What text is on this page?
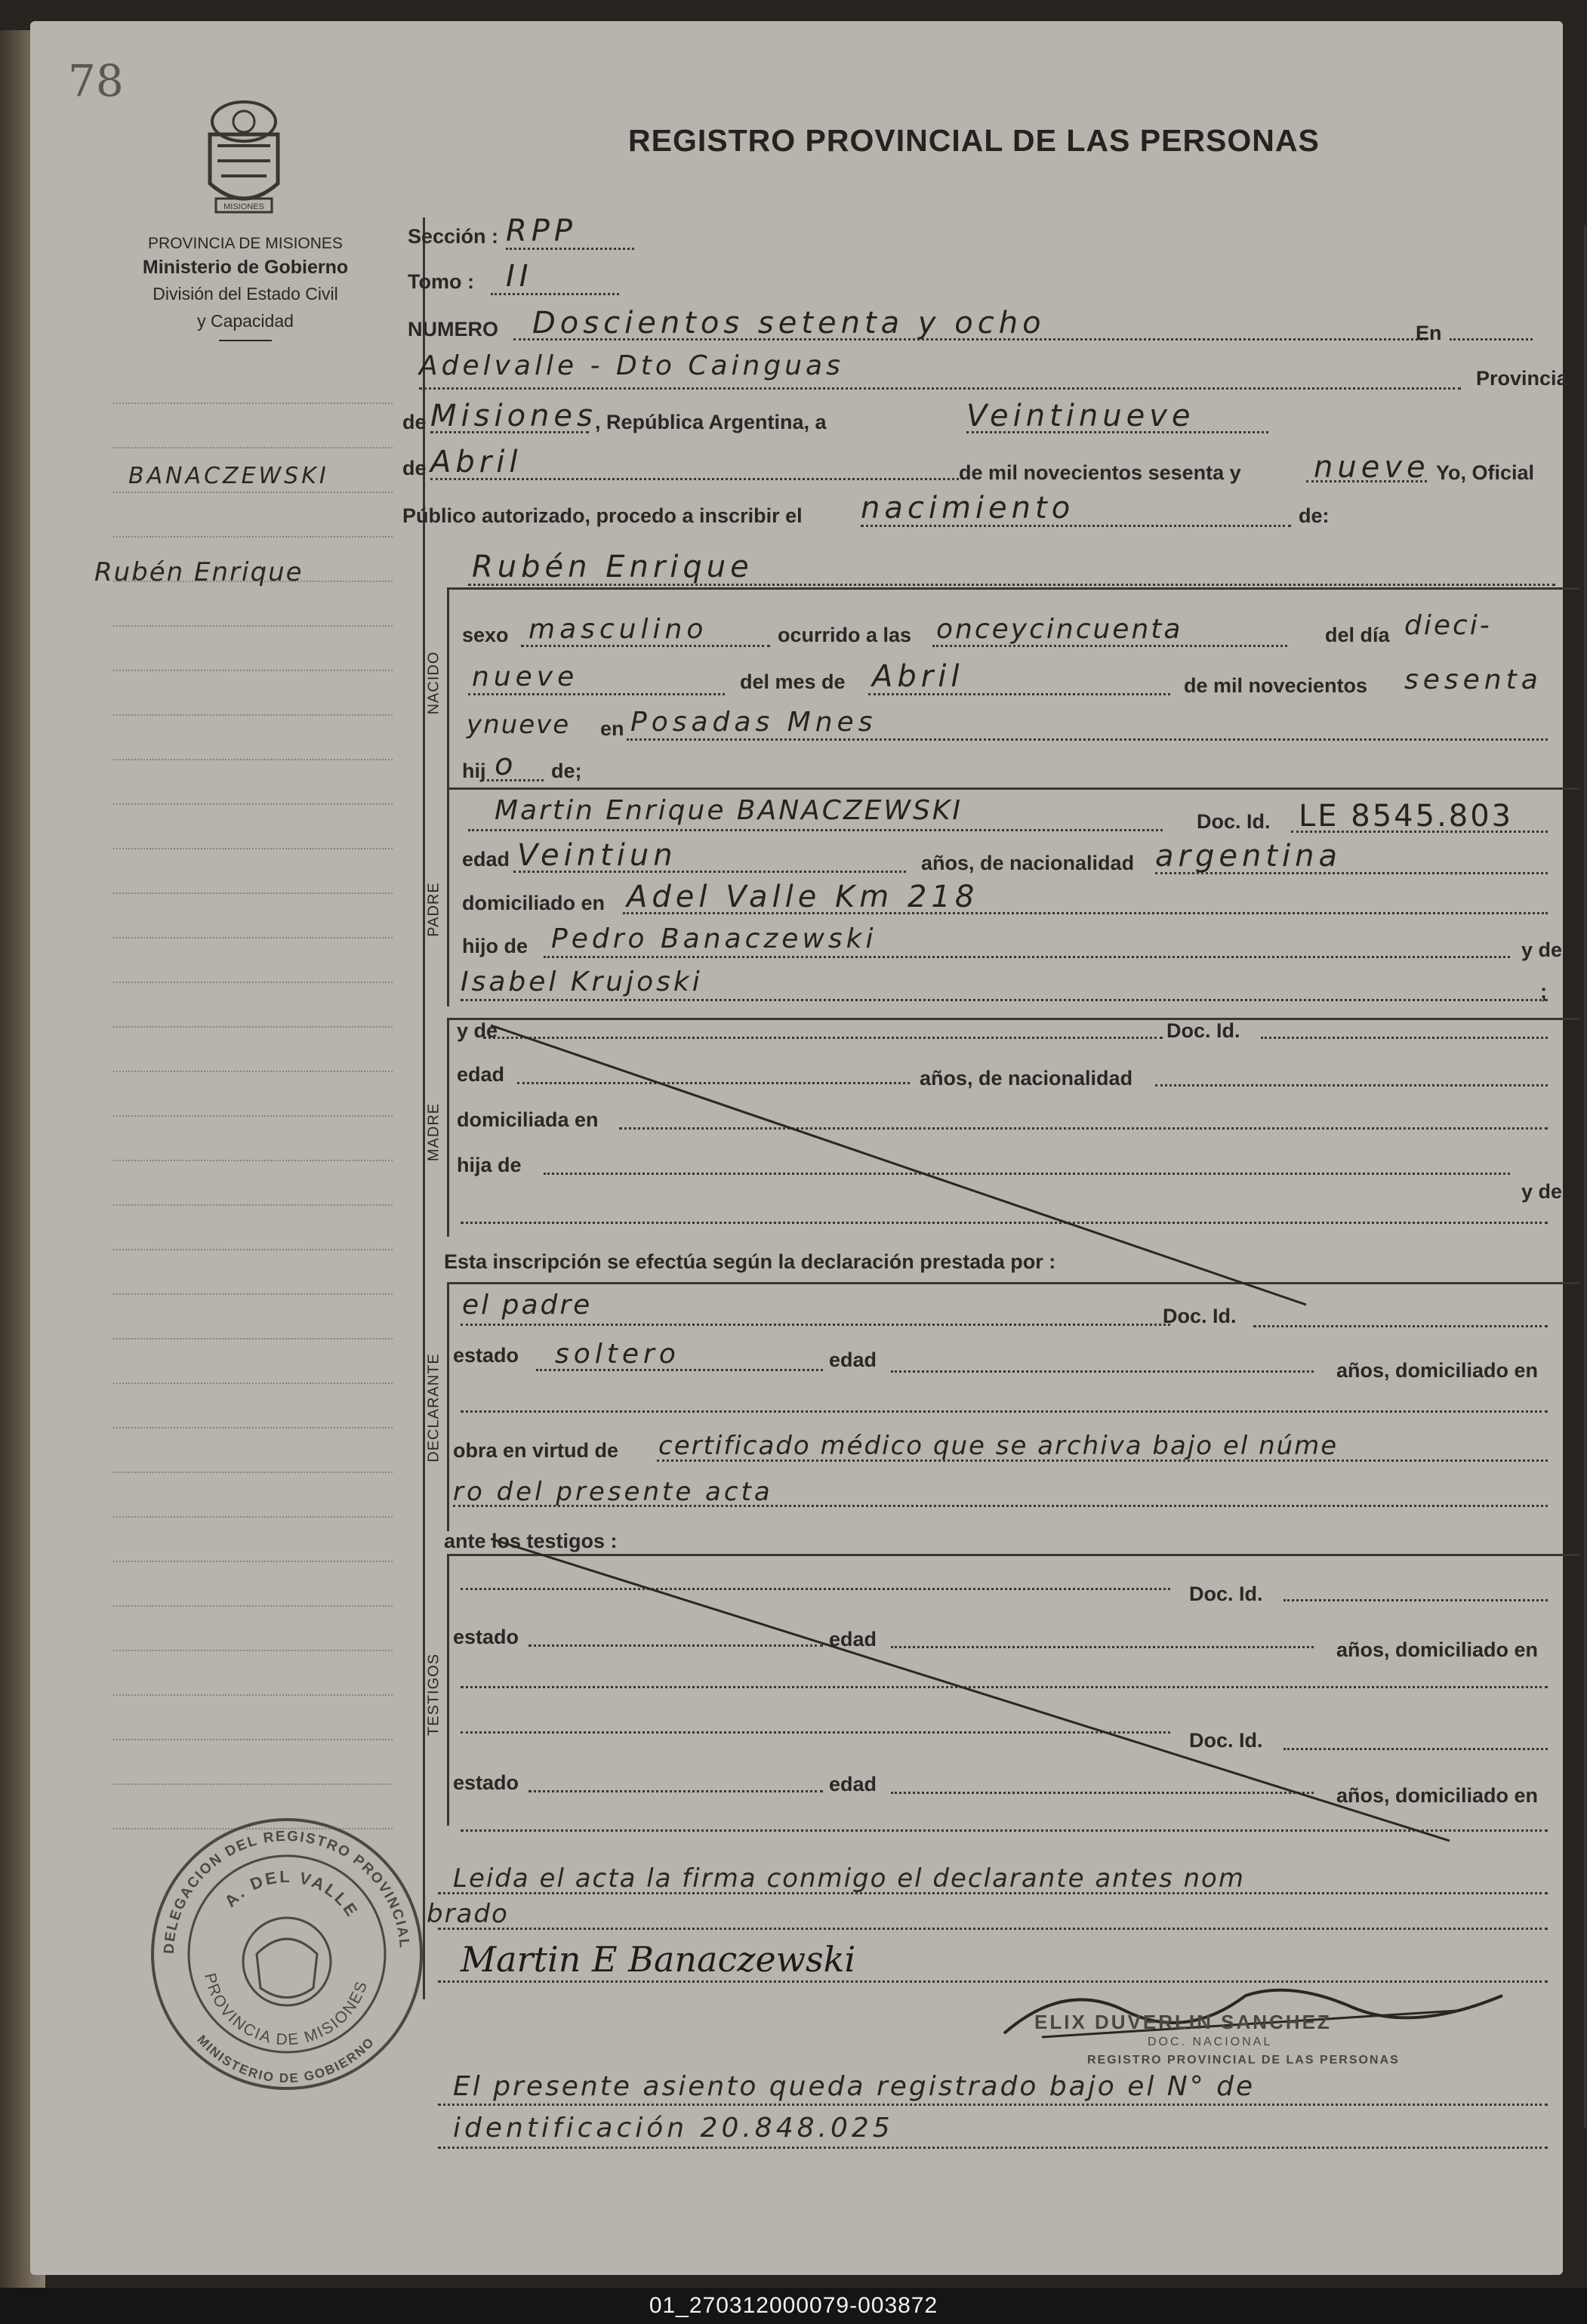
78
MISIONES
PROVINCIA DE MISIONES
Ministerio de Gobierno
División del Estado Civil
y Capacidad
REGISTRO PROVINCIAL DE LAS PERSONAS
BANACZEWSKI
Rubén Enrique
NACIDO
PADRE
MADRE
DECLARANTE
TESTIGOS
Sección : RPP
Tomo : II
NUMERO Doscientos setenta y ocho	En
Adelvalle - Dto Cainguas	Provincia
de Misiones
, República Argentina, a	Veintinueve
de Abril	de mil novecientos sesenta y nueve Yo, Oficial
Público autorizado, procedo a inscribir el nacimiento	de:
Rubén Enrique
sexo masculino	ocurrido a las onceycincuenta	del día dieci-
nueve	del mes de Abril	de mil novecientos sesenta
ynueve en Posadas Mnes
hij o de;
Martin Enrique BANACZEWSKI	Doc. Id. LE 8545.803
edad Veintiun	años, de nacionalidad argentina
domiciliado en Adel Valle Km 218
hijo de Pedro Banaczewski	y de
Isabel Krujoski	;
y de	Doc. Id.
edad	años, de nacionalidad
domiciliada en
hija de
y de
Esta inscripción se efectúa según la declaración prestada por :
el padre	Doc. Id.
estado soltero	edad	años, domiciliado en
obra en virtud de certificado médico que se archiva bajo el núme
ro del presente acta
ante los testigos :
Doc. Id.
estado	edad	años, domiciliado en
Doc. Id.
estado	edad	años, domiciliado en
Leida el acta la firma conmigo el declarante antes nom
brado
Martin E Banaczewski
ELIX DUVERLIN SANCHEZ
DOC. NACIONAL
REGISTRO PROVINCIAL DE LAS PERSONAS
El presente asiento queda registrado bajo el N° de
identificación 20.848.025
DELEGACION DEL REGISTRO PROVINCIAL
A. DEL VALLE
PROVINCIA DE MISIONES
MINISTERIO DE GOBIERNO
01_270312000079-003872
